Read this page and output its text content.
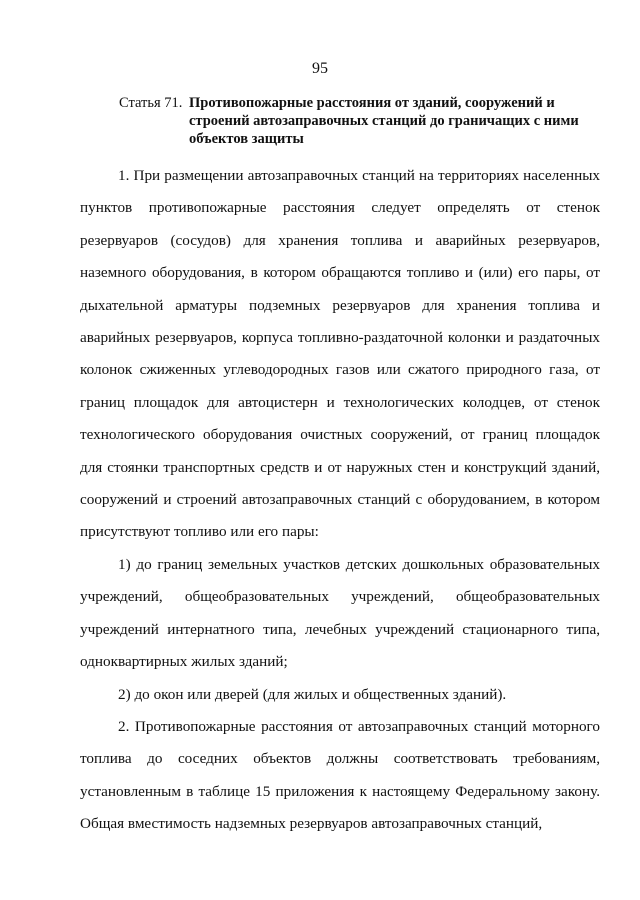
95
Статья 71. Противопожарные расстояния от зданий, сооружений и строений автозаправочных станций до граничащих с ними объектов защиты

1. При размещении автозаправочных станций на территориях населенных пунктов противопожарные расстояния следует определять от стенок резервуаров (сосудов) для хранения топлива и аварийных резервуаров, наземного оборудования, в котором обращаются топливо и (или) его пары, от дыхательной арматуры подземных резервуаров для хранения топлива и аварийных резервуаров, корпуса топливно-раздаточной колонки и раздаточных колонок сжиженных углеводородных газов или сжатого природного газа, от границ площадок для автоцистерн и технологических колодцев, от стенок технологического оборудования очистных сооружений, от границ площадок для стоянки транспортных средств и от наружных стен и конструкций зданий, сооружений и строений автозаправочных станций с оборудованием, в котором присутствуют топливо или его пары:

1) до границ земельных участков детских дошкольных образовательных учреждений, общеобразовательных учреждений, общеобразовательных учреждений интернатного типа, лечебных учреждений стационарного типа, одноквартирных жилых зданий;

2) до окон или дверей (для жилых и общественных зданий).

2. Противопожарные расстояния от автозаправочных станций моторного топлива до соседних объектов должны соответствовать требованиям, установленным в таблице 15 приложения к настоящему Федеральному закону. Общая вместимость надземных резервуаров автозаправочных станций,
